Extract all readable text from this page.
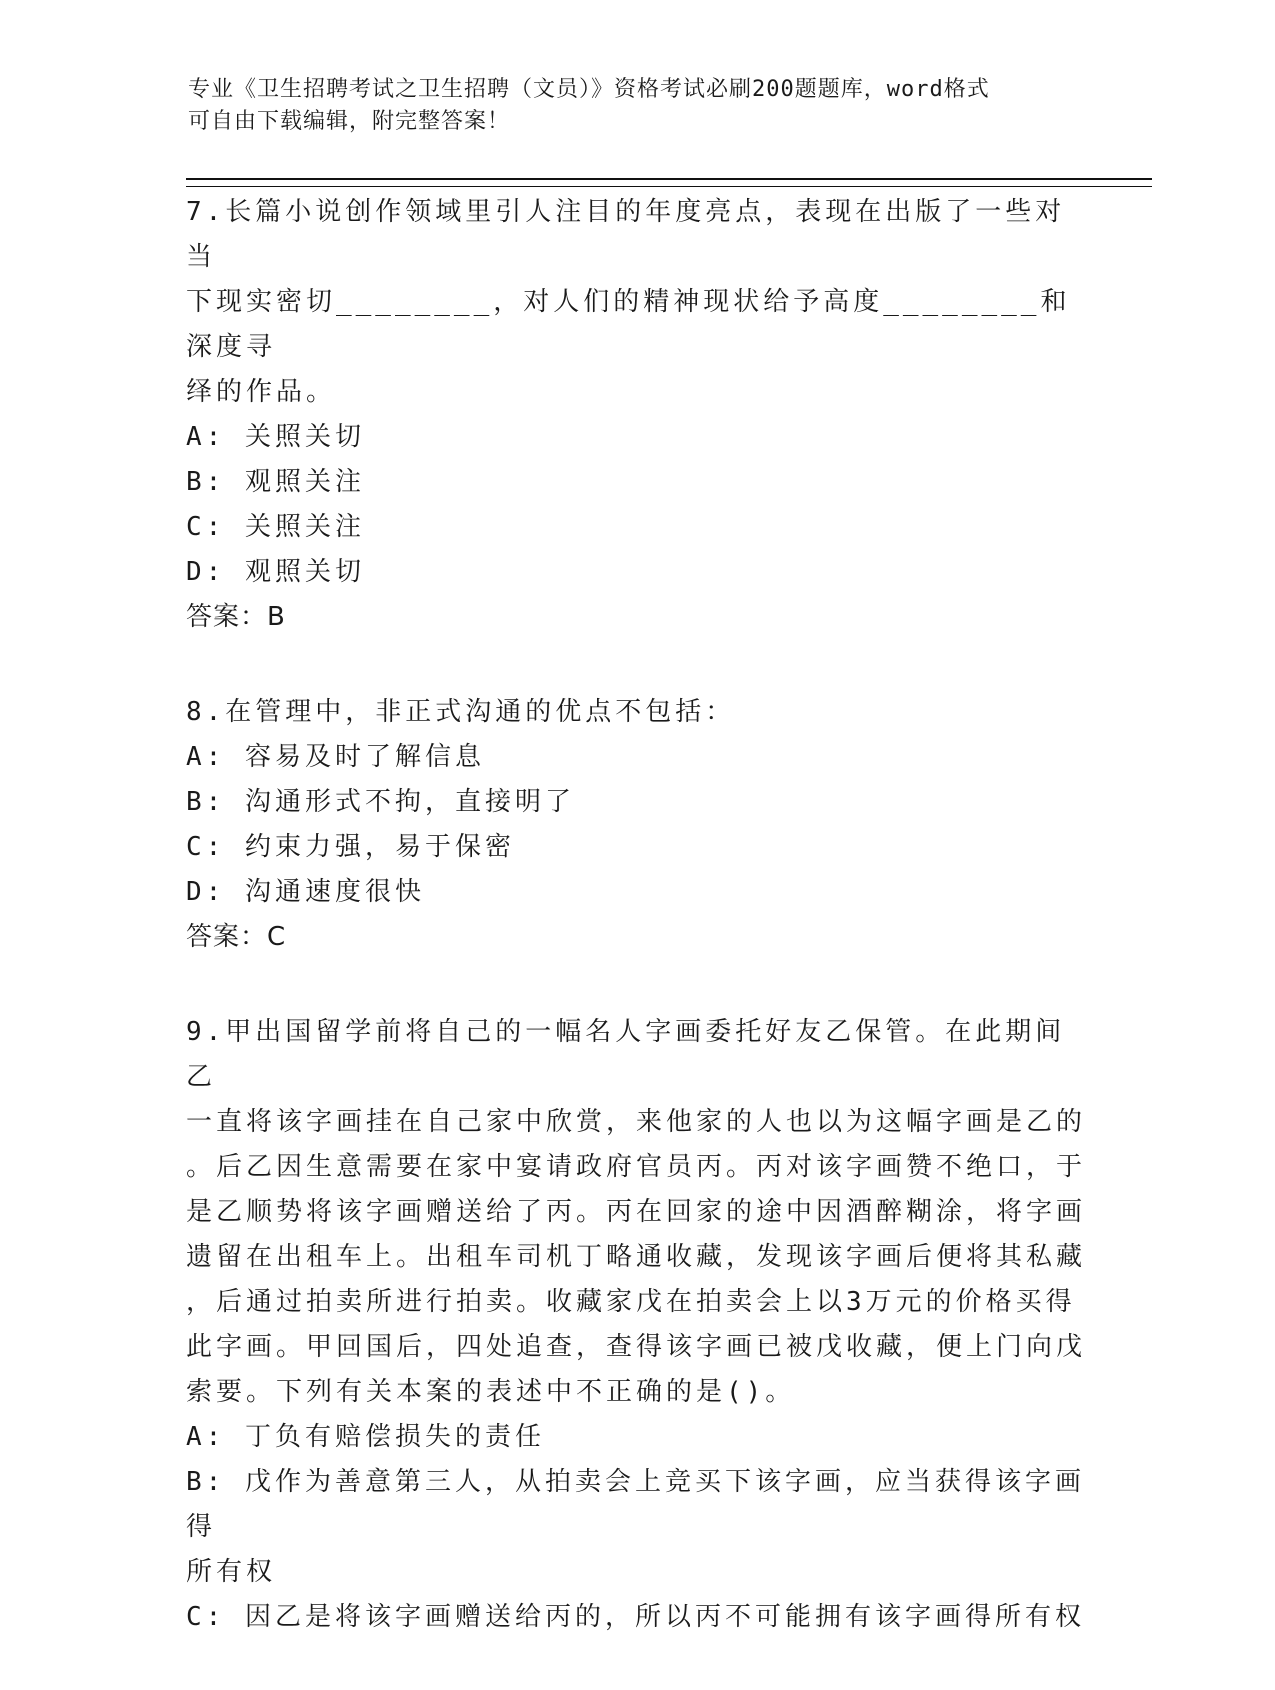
专业《卫生招聘考试之卫生招聘（文员）》资格考试必刷200题题库，word格式
可自由下载编辑，附完整答案！
7.长篇小说创作领域里引人注目的年度亮点，表现在出版了一些对当
下现实密切________，对人们的精神现状给予高度________和深度寻
绎的作品。
A: 关照关切
B: 观照关注
C: 关照关注
D: 观照关切
答案：B
8.在管理中，非正式沟通的优点不包括：
A: 容易及时了解信息
B: 沟通形式不拘，直接明了
C: 约束力强，易于保密
D: 沟通速度很快
答案：C
9.甲出国留学前将自己的一幅名人字画委托好友乙保管。在此期间乙
一直将该字画挂在自己家中欣赏，来他家的人也以为这幅字画是乙的
。后乙因生意需要在家中宴请政府官员丙。丙对该字画赞不绝口，于
是乙顺势将该字画赠送给了丙。丙在回家的途中因酒醉糊涂，将字画
遗留在出租车上。出租车司机丁略通收藏，发现该字画后便将其私藏
，后通过拍卖所进行拍卖。收藏家戊在拍卖会上以3万元的价格买得
此字画。甲回国后，四处追查，查得该字画已被戊收藏，便上门向戊
索要。下列有关本案的表述中不正确的是()。
A: 丁负有赔偿损失的责任
B: 戊作为善意第三人，从拍卖会上竞买下该字画，应当获得该字画得
所有权
C: 因乙是将该字画赠送给丙的，所以丙不可能拥有该字画得所有权
